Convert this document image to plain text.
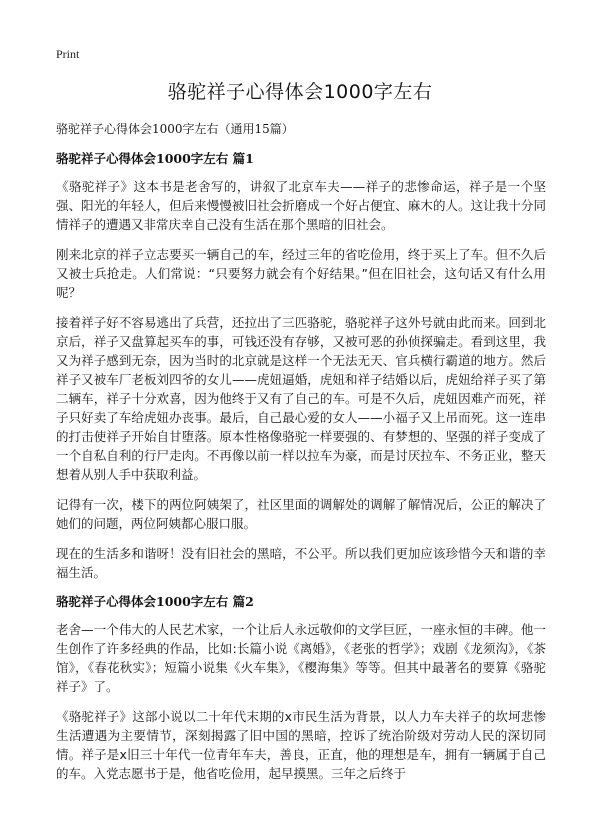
Print
骆驼祥子心得体会1000字左右
骆驼祥子心得体会1000字左右（通用15篇）
骆驼祥子心得体会1000字左右 篇1

《骆驼祥子》这本书是老舍写的，讲叙了北京车夫——祥子的悲惨命运，祥子是一个坚强、阳光的年轻人，但后来慢慢被旧社会折磨成一个好占便宜、麻木的人。这让我十分同情祥子的遭遇又非常庆幸自己没有生活在那个黑暗的旧社会。

刚来北京的祥子立志要买一辆自己的车，经过三年的省吃俭用，终于买上了车。但不久后又被士兵抢走。人们常说：“只要努力就会有个好结果。”但在旧社会，这句话又有什么用呢？

接着祥子好不容易逃出了兵营，还拉出了三匹骆驼，骆驼祥子这外号就由此而来。回到北京后，祥子又盘算起买车的事，可钱还没有存够，又被可恶的孙侦探骗走。看到这里，我又为祥子感到无奈，因为当时的北京就是这样一个无法无天、官兵横行霸道的地方。然后祥子又被车厂老板刘四爷的女儿——虎妞逼婚，虎妞和祥子结婚以后，虎妞给祥子买了第二辆车，祥子十分欢喜，因为他终于又有了自己的车。可是不久后，虎妞因难产而死，祥子只好卖了车给虎妞办丧事。最后，自己最心爱的女人——小福子又上吊而死。这一连串的打击使祥子开始自甘堕落。原本性格像骆驼一样要强的、有梦想的、坚强的祥子变成了一个自私自利的行尸走肉。不再像以前一样以拉车为豪，而是讨厌拉车、不务正业，整天想着从别人手中获取利益。

记得有一次，楼下的两位阿姨架了，社区里面的调解处的调解了解情况后，公正的解决了她们的问题，两位阿姨都心服口服。

现在的生活多和谐呀！没有旧社会的黑暗，不公平。所以我们更加应该珍惜今天和谐的幸福生活。

骆驼祥子心得体会1000字左右 篇2

老舍—一个伟大的人民艺术家，一个让后人永远敬仰的文学巨匠，一座永恒的丰碑。他一生创作了许多经典的作品，比如:长篇小说《离婚》，《老张的哲学》；戏剧《龙须沟》，《茶馆》，《春花秋实》；短篇小说集《火车集》，《樱海集》等等。但其中最著名的要算《骆驼祥子》了。

《骆驼祥子》这部小说以二十年代末期的x市民生活为背景，以人力车夫祥子的坎坷悲惨生活遭遇为主要情节，深刻揭露了旧中国的黑暗，控诉了统治阶级对劳动人民的深切同情。祥子是x旧三十年代一位青年车夫，善良，正直，他的理想是车，拥有一辆属于自己的车。入党志愿书于是，他省吃俭用，起早摸黑。三年之后终于
